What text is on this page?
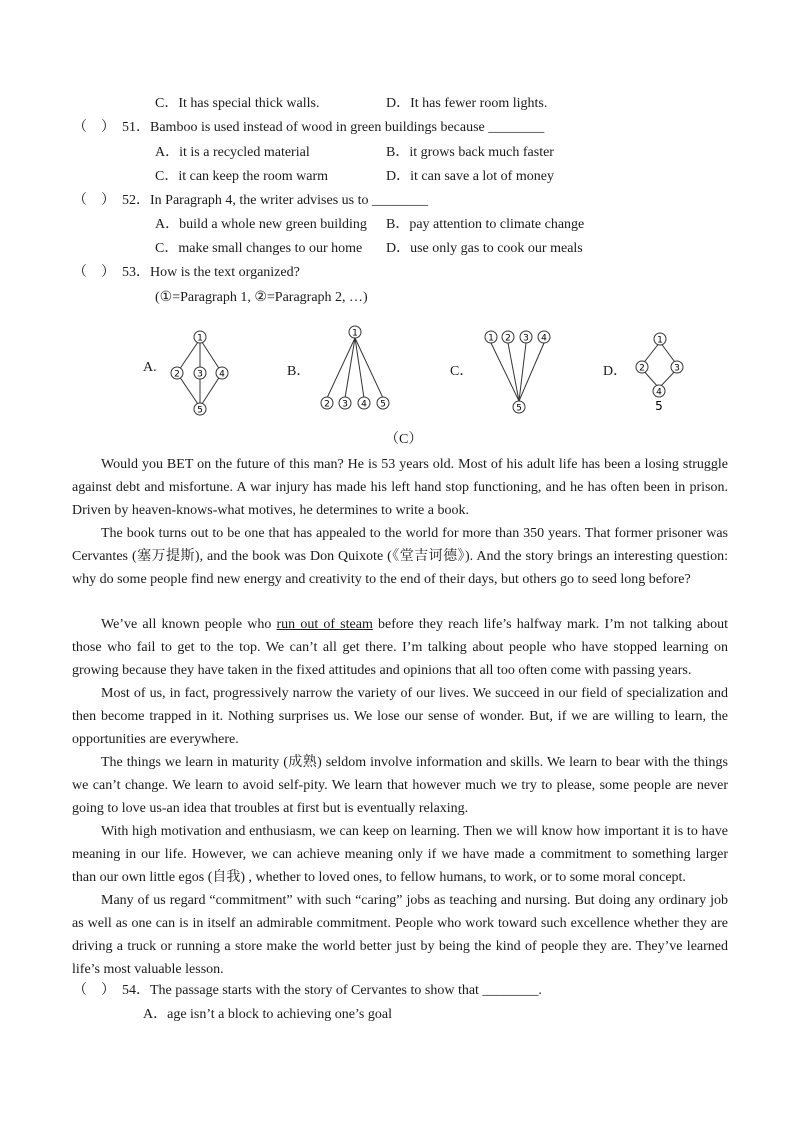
C．It has special thick walls.	D．It has fewer room lights.
（　） 51．Bamboo is used instead of wood in green buildings because ________
A．it is a recycled material	B．it grows back much faster
C．it can keep the room warm	D．it can save a lot of money
（　） 52．In Paragraph 4, the writer advises us to ________
A．build a whole new green building B．pay attention to climate change
C．make small changes to our home D．use only gas to cook our meals
（　） 53．How is the text organized?
(①=Paragraph 1, ②=Paragraph 2, …)
A.
1
2 3 4
5
B．
1
2 3 4 5
C．
1 2 3 4
5
D．
1
2	3
4
5
（C）
Would you BET on the future of this man? He is 53 years old. Most of his adult life has been a losing struggle against debt and misfortune. A war injury has made his left hand stop functioning, and he has often been in prison. Driven by heaven-knows-what motives, he determines to write a book.
The book turns out to be one that has appealed to the world for more than 350 years. That former prisoner was Cervantes (塞万提斯), and the book was Don Quixote (《堂吉诃德》). And the story brings an interesting question: why do some people find new energy and creativity to the end of their days, but others go to seed long before?
We’ve all known people who run out of steam before they reach life’s halfway mark. I’m not talking about those who fail to get to the top. We can’t all get there. I’m talking about people who have stopped learning on growing because they have taken in the fixed attitudes and opinions that all too often come with passing years.
Most of us, in fact, progressively narrow the variety of our lives. We succeed in our field of specialization and then become trapped in it. Nothing surprises us. We lose our sense of wonder. But, if we are willing to learn, the opportunities are everywhere.
The things we learn in maturity (成熟) seldom involve information and skills. We learn to bear with the things we can’t change. We learn to avoid self-pity. We learn that however much we try to please, some people are never going to love us-an idea that troubles at first but is eventually relaxing.
With high motivation and enthusiasm, we can keep on learning. Then we will know how important it is to have meaning in our life. However, we can achieve meaning only if we have made a commitment to something larger than our own little egos (自我) , whether to loved ones, to fellow humans, to work, or to some moral concept.
Many of us regard “commitment” with such “caring” jobs as teaching and nursing. But doing any ordinary job as well as one can is in itself an admirable commitment. People who work toward such excellence whether they are driving a truck or running a store make the world better just by being the kind of people they are. They’ve learned life’s most valuable lesson.
（　） 54．The passage starts with the story of Cervantes to show that ________.
A．age isn’t a block to achieving one’s goal
